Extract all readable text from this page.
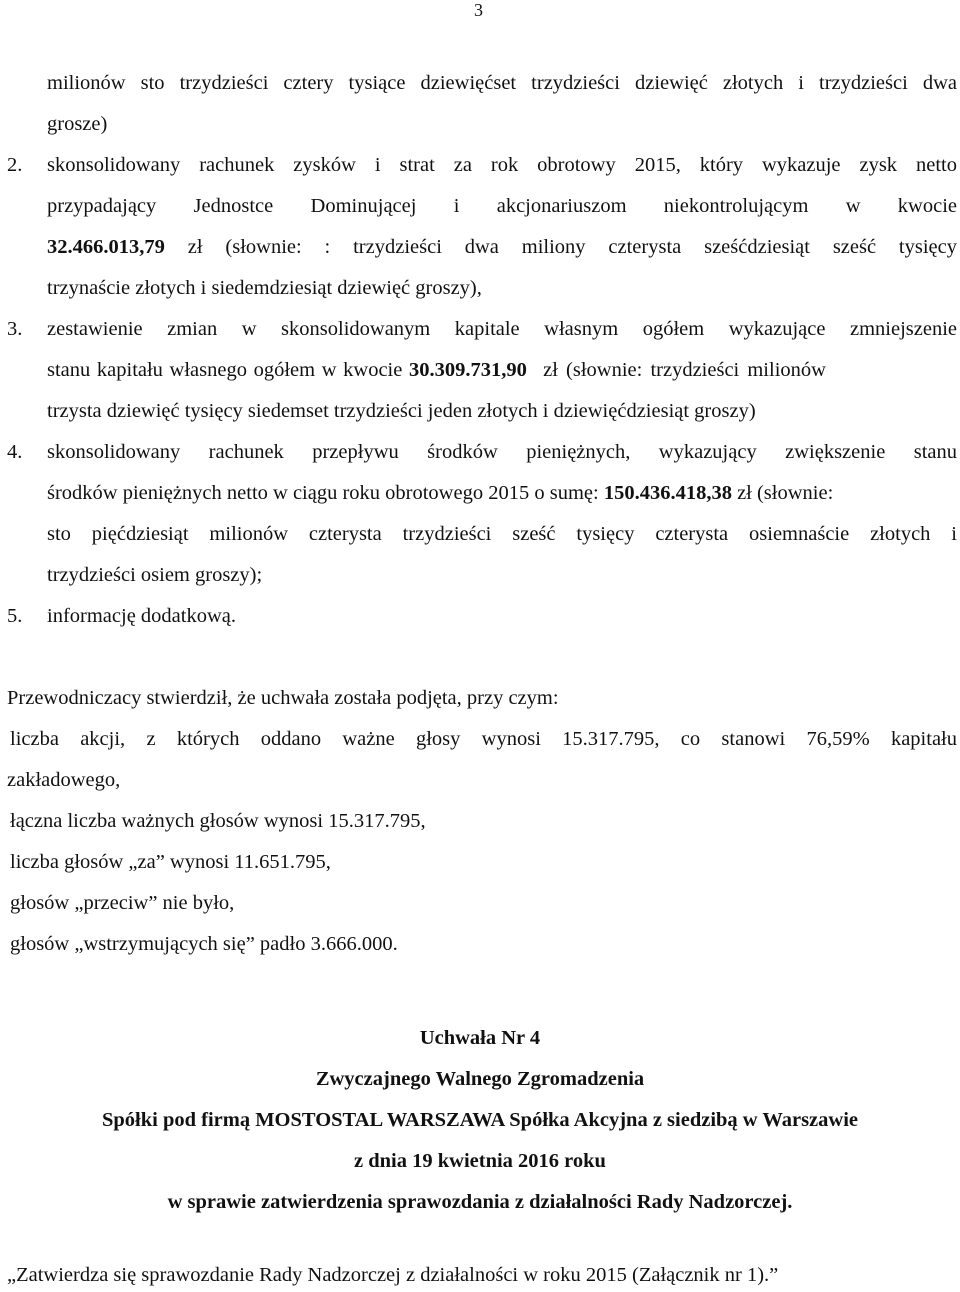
3
milionów sto trzydzieści cztery tysiące dziewięćset trzydzieści dziewięć złotych i trzydzieści dwa
grosze)
2. skonsolidowany rachunek zysków i strat za rok obrotowy 2015, który wykazuje zysk netto
przypadający Jednostce Dominującej i akcjonariuszom niekontrolującym w kwocie
32.466.013,79 zł (słownie: : trzydzieści dwa miliony czterysta sześćdziesiąt sześć tysięcy
trzynaście złotych i siedemdziesiąt dziewięć groszy),
3. zestawienie zmian w skonsolidowanym kapitale własnym ogółem wykazujące zmniejszenie
stanu kapitału własnego ogółem w kwocie 30.309.731,90 zł (słownie: trzydzieści milionów
trzysta dziewięć tysięcy siedemset trzydzieści jeden złotych i dziewięćdziesiąt groszy)
4. skonsolidowany rachunek przepływu środków pieniężnych, wykazujący zwiększenie stanu
środków pieniężnych netto w ciągu roku obrotowego 2015 o sumę: 150.436.418,38 zł (słownie:
sto pięćdziesiąt milionów czterysta trzydzieści sześć tysięcy czterysta osiemnaście złotych i
trzydzieści osiem groszy);
5. informację dodatkową.
Przewodniczacy stwierdził, że uchwała została podjęta, przy czym:
liczba akcji, z których oddano ważne głosy wynosi 15.317.795, co stanowi 76,59% kapitału
zakładowego,
łączna liczba ważnych głosów wynosi 15.317.795,
liczba głosów „za” wynosi 11.651.795,
głosów „przeciw” nie było,
głosów „wstrzymujących się” padło 3.666.000.
Uchwała Nr 4
Zwyczajnego Walnego Zgromadzenia
Spółki pod firmą MOSTOSTAL WARSZAWA Spółka Akcyjna z siedzibą w Warszawie
z dnia 19 kwietnia 2016 roku
w sprawie zatwierdzenia sprawozdania z działalności Rady Nadzorczej.
„Zatwierdza się sprawozdanie Rady Nadzorczej z działalności w roku 2015 (Załącznik nr 1).”
